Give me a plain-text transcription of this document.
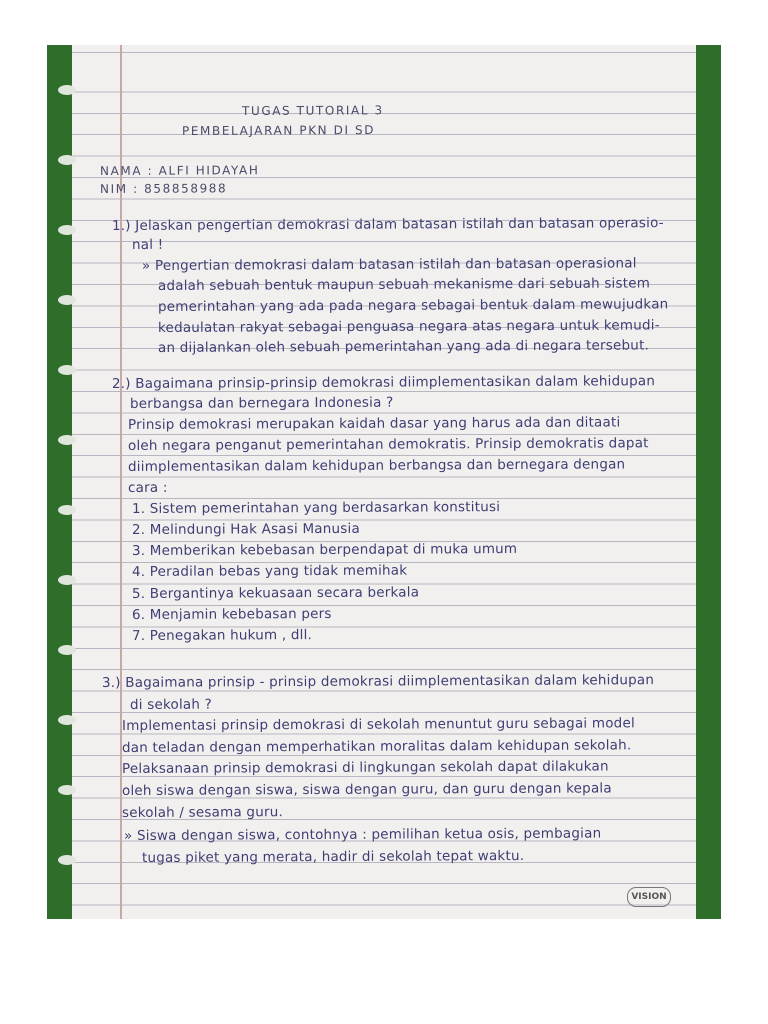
TUGAS TUTORIAL 3
PEMBELAJARAN PKN DI SD
NAMA : ALFI HIDAYAH
NIM : 858858988
1.) Jelaskan pengertian demokrasi dalam batasan istilah dan batasan operasio-
nal !
» Pengertian demokrasi dalam batasan istilah dan batasan operasional
adalah sebuah bentuk maupun sebuah mekanisme dari sebuah sistem
pemerintahan yang ada pada negara sebagai bentuk dalam mewujudkan
kedaulatan rakyat sebagai penguasa negara atas negara untuk kemudi-
an dijalankan oleh sebuah pemerintahan yang ada di negara tersebut.
2.) Bagaimana prinsip-prinsip demokrasi diimplementasikan dalam kehidupan
berbangsa dan bernegara Indonesia ?
Prinsip demokrasi merupakan kaidah dasar yang harus ada dan ditaati
oleh negara penganut pemerintahan demokratis. Prinsip demokratis dapat
diimplementasikan dalam kehidupan berbangsa dan bernegara dengan
cara :
1. Sistem pemerintahan yang berdasarkan konstitusi
2. Melindungi Hak Asasi Manusia
3. Memberikan kebebasan berpendapat di muka umum
4. Peradilan bebas yang tidak memihak
5. Bergantinya kekuasaan secara berkala
6. Menjamin kebebasan pers
7. Penegakan hukum , dll.
3.) Bagaimana prinsip - prinsip demokrasi diimplementasikan dalam kehidupan
di sekolah ?
Implementasi prinsip demokrasi di sekolah menuntut guru sebagai model
dan teladan dengan memperhatikan moralitas dalam kehidupan sekolah.
Pelaksanaan prinsip demokrasi di lingkungan sekolah dapat dilakukan
oleh siswa dengan siswa, siswa dengan guru, dan guru dengan kepala
sekolah / sesama guru.
» Siswa dengan siswa, contohnya : pemilihan ketua osis, pembagian
tugas piket yang merata, hadir di sekolah tepat waktu.
VISION
